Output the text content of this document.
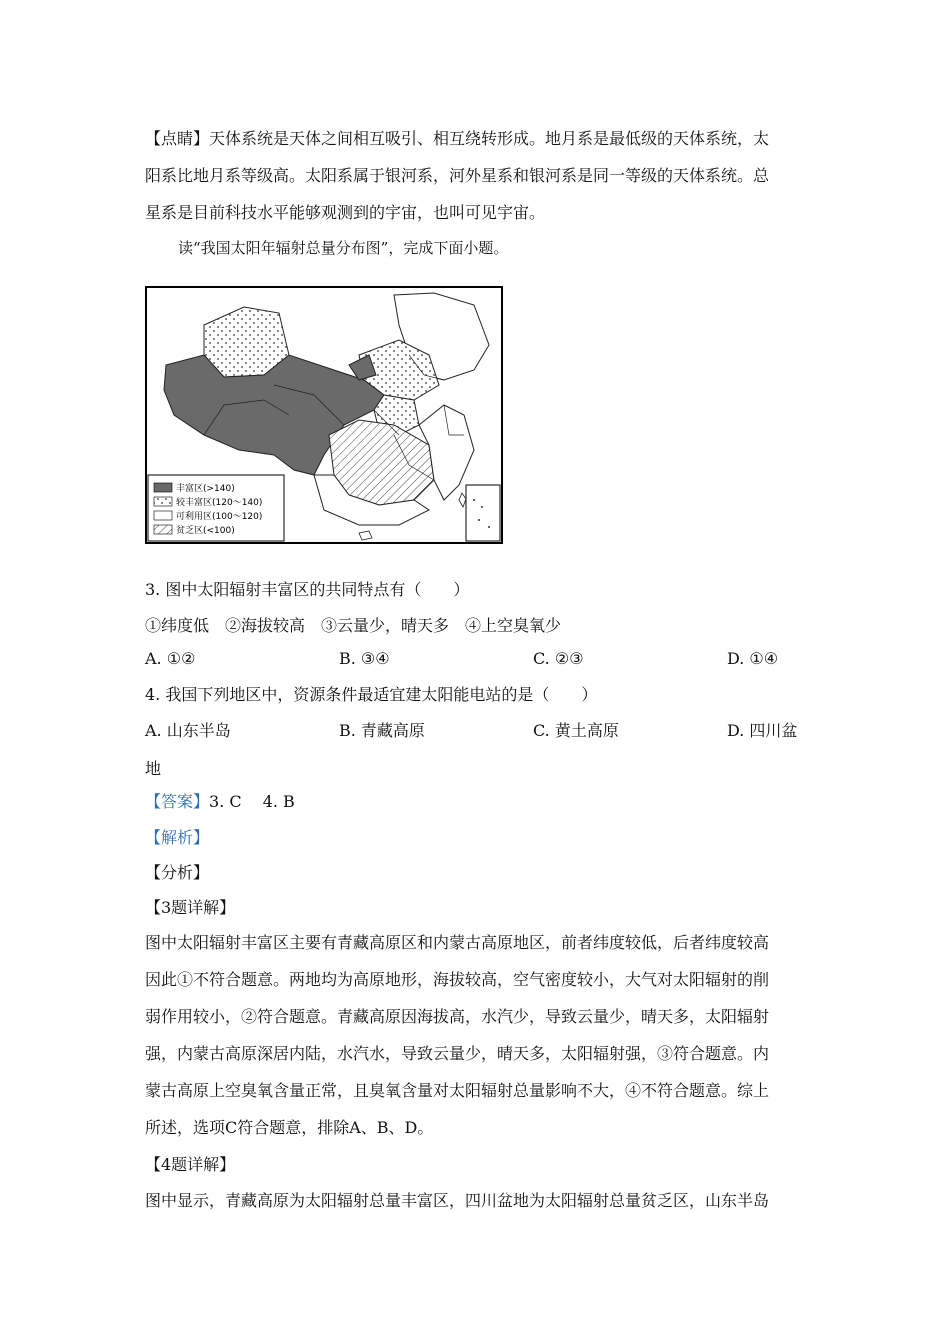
【点睛】天体系统是天体之间相互吸引、相互绕转形成。地月系是最低级的天体系统，太
阳系比地月系等级高。太阳系属于银河系，河外星系和银河系是同一等级的天体系统。总
星系是目前科技水平能够观测到的宇宙，也叫可见宇宙。
读“我国太阳年辐射总量分布图”，完成下面小题。
丰富区(>140)
较丰富区(120～140)
可利用区(100～120)
贫乏区(<100)
3. 图中太阳辐射丰富区的共同特点有（　　）
①纬度低　②海拔较高　③云量少，晴天多　④上空臭氧少
A. ①②	B. ③④	C. ②③	D. ①④
4. 我国下列地区中，资源条件最适宜建太阳能电站的是（　　）
A. 山东半岛	B. 青藏高原	C. 黄土高原	D. 四川盆
地
【答案】3. C　 4. B
【解析】
【分析】
【3题详解】
图中太阳辐射丰富区主要有青藏高原区和内蒙古高原地区，前者纬度较低，后者纬度较高
因此①不符合题意。两地均为高原地形，海拔较高，空气密度较小，大气对太阳辐射的削
弱作用较小，②符合题意。青藏高原因海拔高，水汽少，导致云量少，晴天多，太阳辐射
强，内蒙古高原深居内陆，水汽水，导致云量少，晴天多，太阳辐射强，③符合题意。内
蒙古高原上空臭氧含量正常，且臭氧含量对太阳辐射总量影响不大，④不符合题意。综上
所述，选项C符合题意，排除A、B、D。
【4题详解】
图中显示，青藏高原为太阳辐射总量丰富区，四川盆地为太阳辐射总量贫乏区，山东半岛
